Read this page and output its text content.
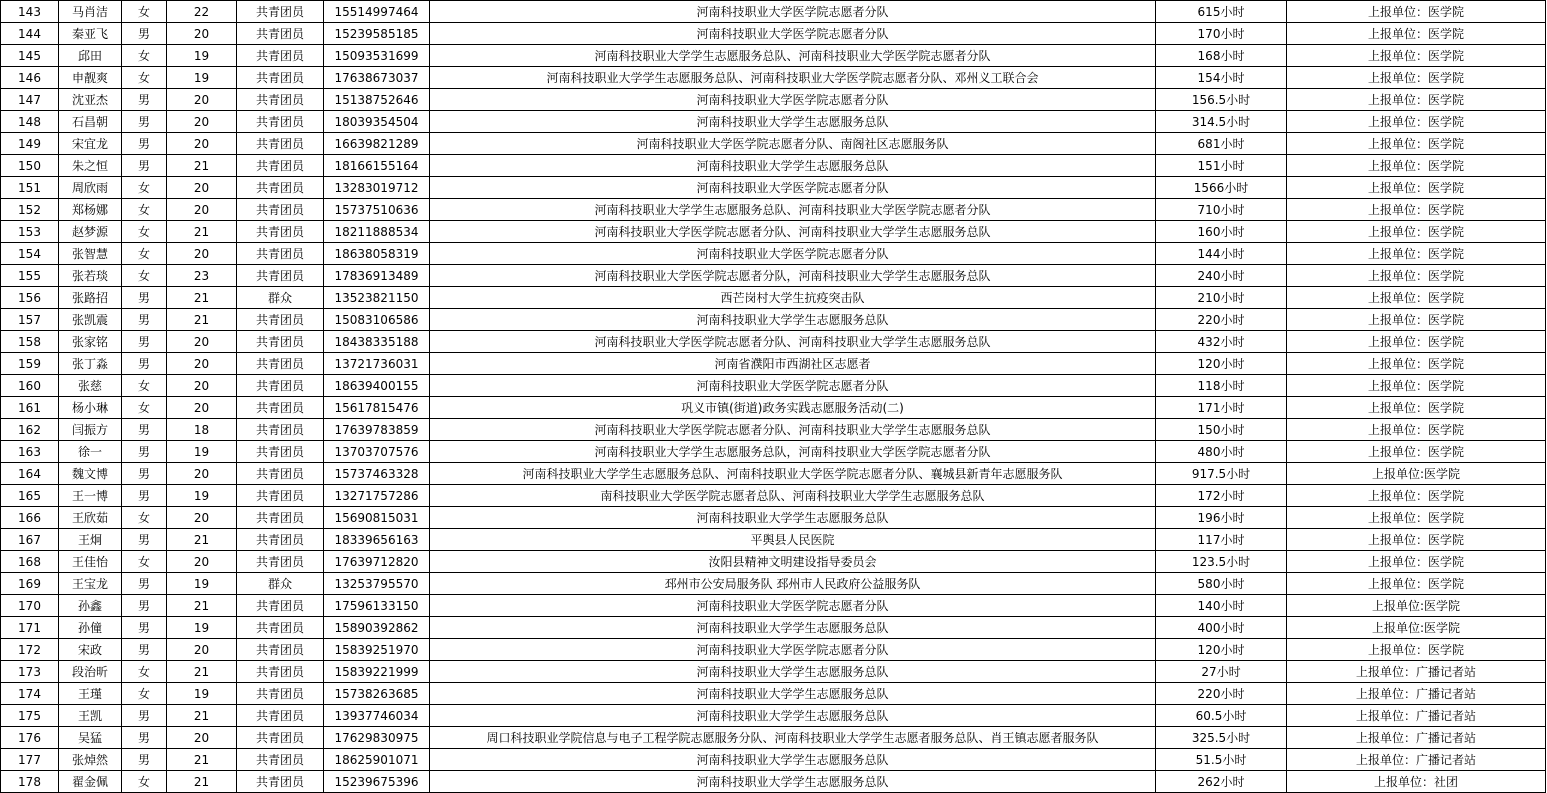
143	马肖洁	女	22	共青团员	15514997464	河南科技职业大学医学院志愿者分队	615小时	上报单位：医学院
144	秦亚飞	男	20	共青团员	15239585185	河南科技职业大学医学院志愿者分队	170小时	上报单位：医学院
145	邱田	女	19	共青团员	15093531699	河南科技职业大学学生志愿服务总队、河南科技职业大学医学院志愿者分队	168小时	上报单位：医学院
146	申靓爽	女	19	共青团员	17638673037	河南科技职业大学学生志愿服务总队、河南科技职业大学医学院志愿者分队、邓州义工联合会	154小时	上报单位：医学院
147	沈亚杰	男	20	共青团员	15138752646	河南科技职业大学医学院志愿者分队	156.5小时	上报单位：医学院
148	石昌朝	男	20	共青团员	18039354504	河南科技职业大学学生志愿服务总队	314.5小时	上报单位：医学院
149	宋宜龙	男	20	共青团员	16639821289	河南科技职业大学医学院志愿者分队、南阁社区志愿服务队	681小时	上报单位：医学院
150	朱之恒	男	21	共青团员	18166155164	河南科技职业大学学生志愿服务总队	151小时	上报单位：医学院
151	周欣雨	女	20	共青团员	13283019712	河南科技职业大学医学院志愿者分队	1566小时	上报单位：医学院
152	郑杨娜	女	20	共青团员	15737510636	河南科技职业大学学生志愿服务总队、河南科技职业大学医学院志愿者分队	710小时	上报单位：医学院
153	赵梦源	女	21	共青团员	18211888534	河南科技职业大学医学院志愿者分队、河南科技职业大学学生志愿服务总队	160小时	上报单位：医学院
154	张智慧	女	20	共青团员	18638058319	河南科技职业大学医学院志愿者分队	144小时	上报单位：医学院
155	张若琰	女	23	共青团员	17836913489	河南科技职业大学医学院志愿者分队，河南科技职业大学学生志愿服务总队	240小时	上报单位：医学院
156	张路招	男	21	群众	13523821150	西芒岗村大学生抗疫突击队	210小时	上报单位：医学院
157	张凯震	男	21	共青团员	15083106586	河南科技职业大学学生志愿服务总队	220小时	上报单位：医学院
158	张家铭	男	20	共青团员	18438335188	河南科技职业大学医学院志愿者分队、河南科技职业大学学生志愿服务总队	432小时	上报单位：医学院
159	张丁淼	男	20	共青团员	13721736031	河南省濮阳市西湖社区志愿者	120小时	上报单位：医学院
160	张慈	女	20	共青团员	18639400155	河南科技职业大学医学院志愿者分队	118小时	上报单位：医学院
161	杨小琳	女	20	共青团员	15617815476	巩义市镇(街道)政务实践志愿服务活动(二)	171小时	上报单位：医学院
162	闫振方	男	18	共青团员	17639783859	河南科技职业大学医学院志愿者分队、河南科技职业大学学生志愿服务总队	150小时	上报单位：医学院
163	徐一	男	19	共青团员	13703707576	河南科技职业大学学生志愿服务总队，河南科技职业大学医学院志愿者分队	480小时	上报单位：医学院
164	魏文博	男	20	共青团员	15737463328	河南科技职业大学学生志愿服务总队、河南科技职业大学医学院志愿者分队、襄城县新青年志愿服务队	917.5小时	上报单位:医学院
165	王一博	男	19	共青团员	13271757286	南科技职业大学医学院志愿者总队、河南科技职业大学学生志愿服务总队	172小时	上报单位：医学院
166	王欣茹	女	20	共青团员	15690815031	河南科技职业大学学生志愿服务总队	196小时	上报单位：医学院
167	王炯	男	21	共青团员	18339656163	平舆县人民医院	117小时	上报单位：医学院
168	王佳怡	女	20	共青团员	17639712820	汝阳县精神文明建设指导委员会	123.5小时	上报单位：医学院
169	王宝龙	男	19	群众	13253795570	邳州市公安局服务队 邳州市人民政府公益服务队	580小时	上报单位：医学院
170	孙鑫	男	21	共青团员	17596133150	河南科技职业大学医学院志愿者分队	140小时	上报单位:医学院
171	孙僮	男	19	共青团员	15890392862	河南科技职业大学学生志愿服务总队	400小时	上报单位:医学院
172	宋政	男	20	共青团员	15839251970	河南科技职业大学医学院志愿者分队	120小时	上报单位：医学院
173	段治昕	女	21	共青团员	15839221999	河南科技职业大学学生志愿服务总队	27小时	上报单位：广播记者站
174	王瑾	女	19	共青团员	15738263685	河南科技职业大学学生志愿服务总队	220小时	上报单位：广播记者站
175	王凯	男	21	共青团员	13937746034	河南科技职业大学学生志愿服务总队	60.5小时	上报单位：广播记者站
176	吴猛	男	20	共青团员	17629830975	周口科技职业学院信息与电子工程学院志愿服务分队、河南科技职业大学学生志愿者服务总队、肖王镇志愿者服务队	325.5小时	上报单位：广播记者站
177	张焯然	男	21	共青团员	18625901071	河南科技职业大学学生志愿服务总队	51.5小时	上报单位：广播记者站
178	翟金佩	女	21	共青团员	15239675396	河南科技职业大学学生志愿服务总队	262小时	上报单位：社团
